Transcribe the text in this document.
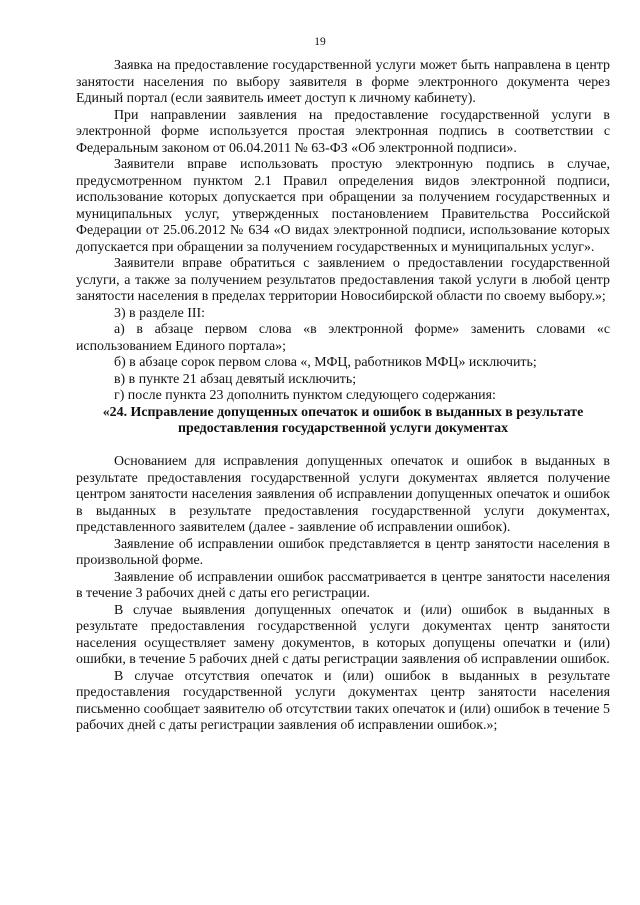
19

Заявка на предоставление государственной услуги может быть направлена в центр занятости населения по выбору заявителя в форме электронного документа через Единый портал (если заявитель имеет доступ к личному кабинету).

При направлении заявления на предоставление государственной услуги в электронной форме используется простая электронная подпись в соответствии с Федеральным законом от 06.04.2011 № 63-ФЗ «Об электронной подписи».

Заявители вправе использовать простую электронную подпись в случае, предусмотренном пунктом 2.1 Правил определения видов электронной подписи, использование которых допускается при обращении за получением государственных и муниципальных услуг, утвержденных постановлением Правительства Российской Федерации от 25.06.2012 № 634 «О видах электронной подписи, использование которых допускается при обращении за получением государственных и муниципальных услуг».

Заявители вправе обратиться с заявлением о предоставлении государственной услуги, а также за получением результатов предоставления такой услуги в любой центр занятости населения в пределах территории Новосибирской области по своему выбору.»;

3) в разделе III:

а) в абзаце первом слова «в электронной форме» заменить словами «с использованием Единого портала»;

б) в абзаце сорок первом слова «, МФЦ, работников МФЦ» исключить;

в) в пункте 21 абзац девятый исключить;

г) после пункта 23 дополнить пунктом следующего содержания:

«24. Исправление допущенных опечаток и ошибок в выданных в результате предоставления государственной услуги документах

Основанием для исправления допущенных опечаток и ошибок в выданных в результате предоставления государственной услуги документах является получение центром занятости населения заявления об исправлении допущенных опечаток и ошибок в выданных в результате предоставления государственной услуги документах, представленного заявителем (далее - заявление об исправлении ошибок).

Заявление об исправлении ошибок представляется в центр занятости населения в произвольной форме.

Заявление об исправлении ошибок рассматривается в центре занятости населения в течение 3 рабочих дней с даты его регистрации.

В случае выявления допущенных опечаток и (или) ошибок в выданных в результате предоставления государственной услуги документах центр занятости населения осуществляет замену документов, в которых допущены опечатки и (или) ошибки, в течение 5 рабочих дней с даты регистрации заявления об исправлении ошибок.

В случае отсутствия опечаток и (или) ошибок в выданных в результате предоставления государственной услуги документах центр занятости населения письменно сообщает заявителю об отсутствии таких опечаток и (или) ошибок в течение 5 рабочих дней с даты регистрации заявления об исправлении ошибок.»;
